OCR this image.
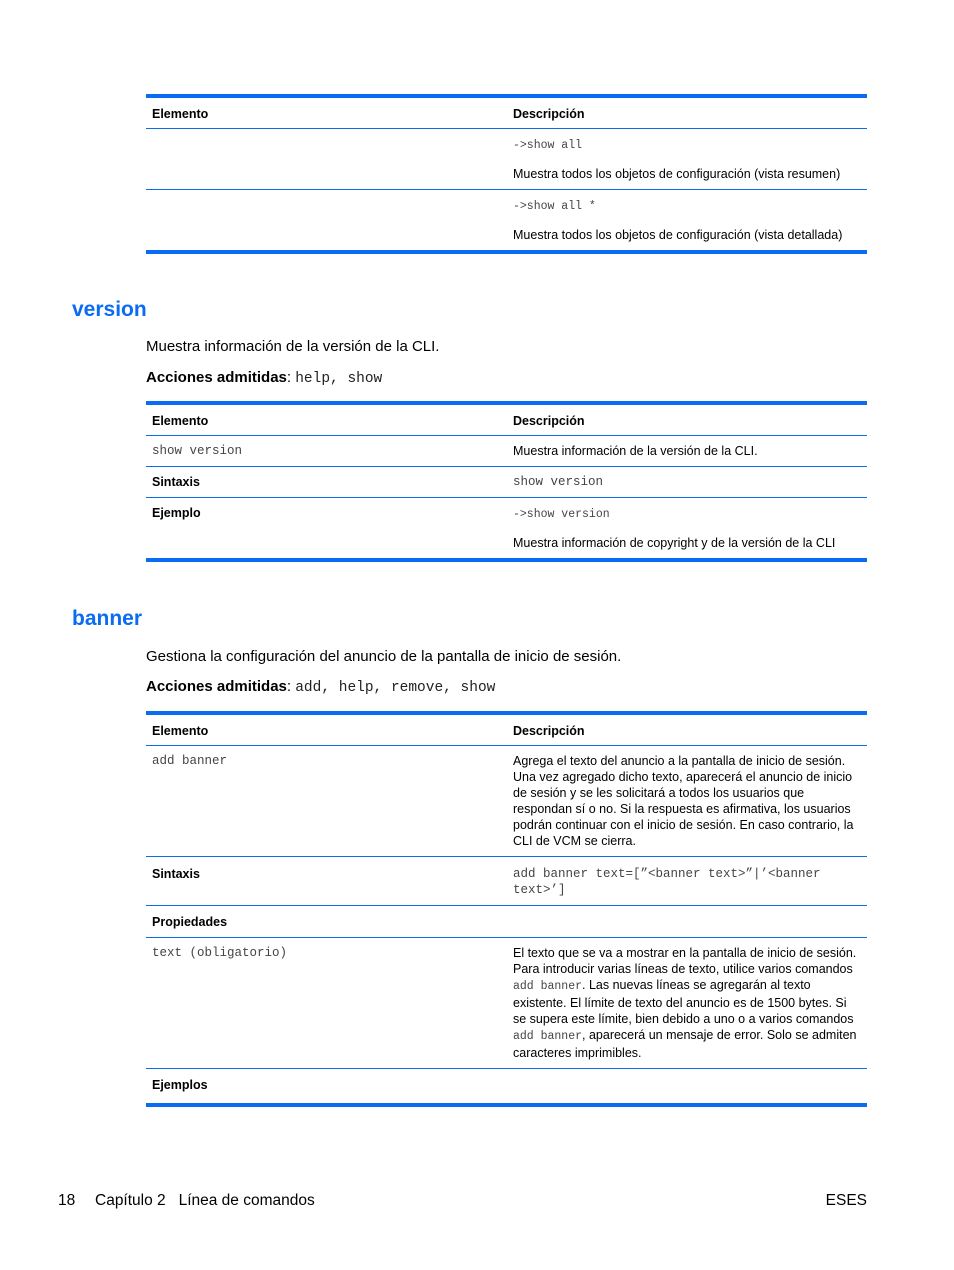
Elemento	Descripción
	->show all
Muestra todos los objetos de configuración (vista resumen)

	->show all *
Muestra todos los objetos de configuración (vista detallada)
version
Muestra información de la versión de la CLI.
Acciones admitidas: help, show
Elemento	Descripción
show version	Muestra información de la versión de la CLI.
Sintaxis	show version
Ejemplo	->show version
Muestra información de copyright y de la versión de la CLI
banner
Gestiona la configuración del anuncio de la pantalla de inicio de sesión.
Acciones admitidas: add, help, remove, show
Elemento	Descripción
add banner	Agrega el texto del anuncio a la pantalla de inicio de sesión. Una vez agregado dicho texto, aparecerá el anuncio de inicio de sesión y se les solicitará a todos los usuarios que respondan sí o no. Si la respuesta es afirmativa, los usuarios podrán continuar con el inicio de sesión. En caso contrario, la CLI de VCM se cierra.
Sintaxis	add banner text=[”<banner text>”|’<banner text>’]
Propiedades	
text (obligatorio)	El texto que se va a mostrar en la pantalla de inicio de sesión. Para introducir varias líneas de texto, utilice varios comandos add banner. Las nuevas líneas se agregarán al texto existente. El límite de texto del anuncio es de 1500 bytes. Si se supera este límite, bien debido a uno o a varios comandos add banner, aparecerá un mensaje de error. Solo se admiten caracteres imprimibles.
Ejemplos	
18 Capítulo 2   Línea de comandos	ESES
